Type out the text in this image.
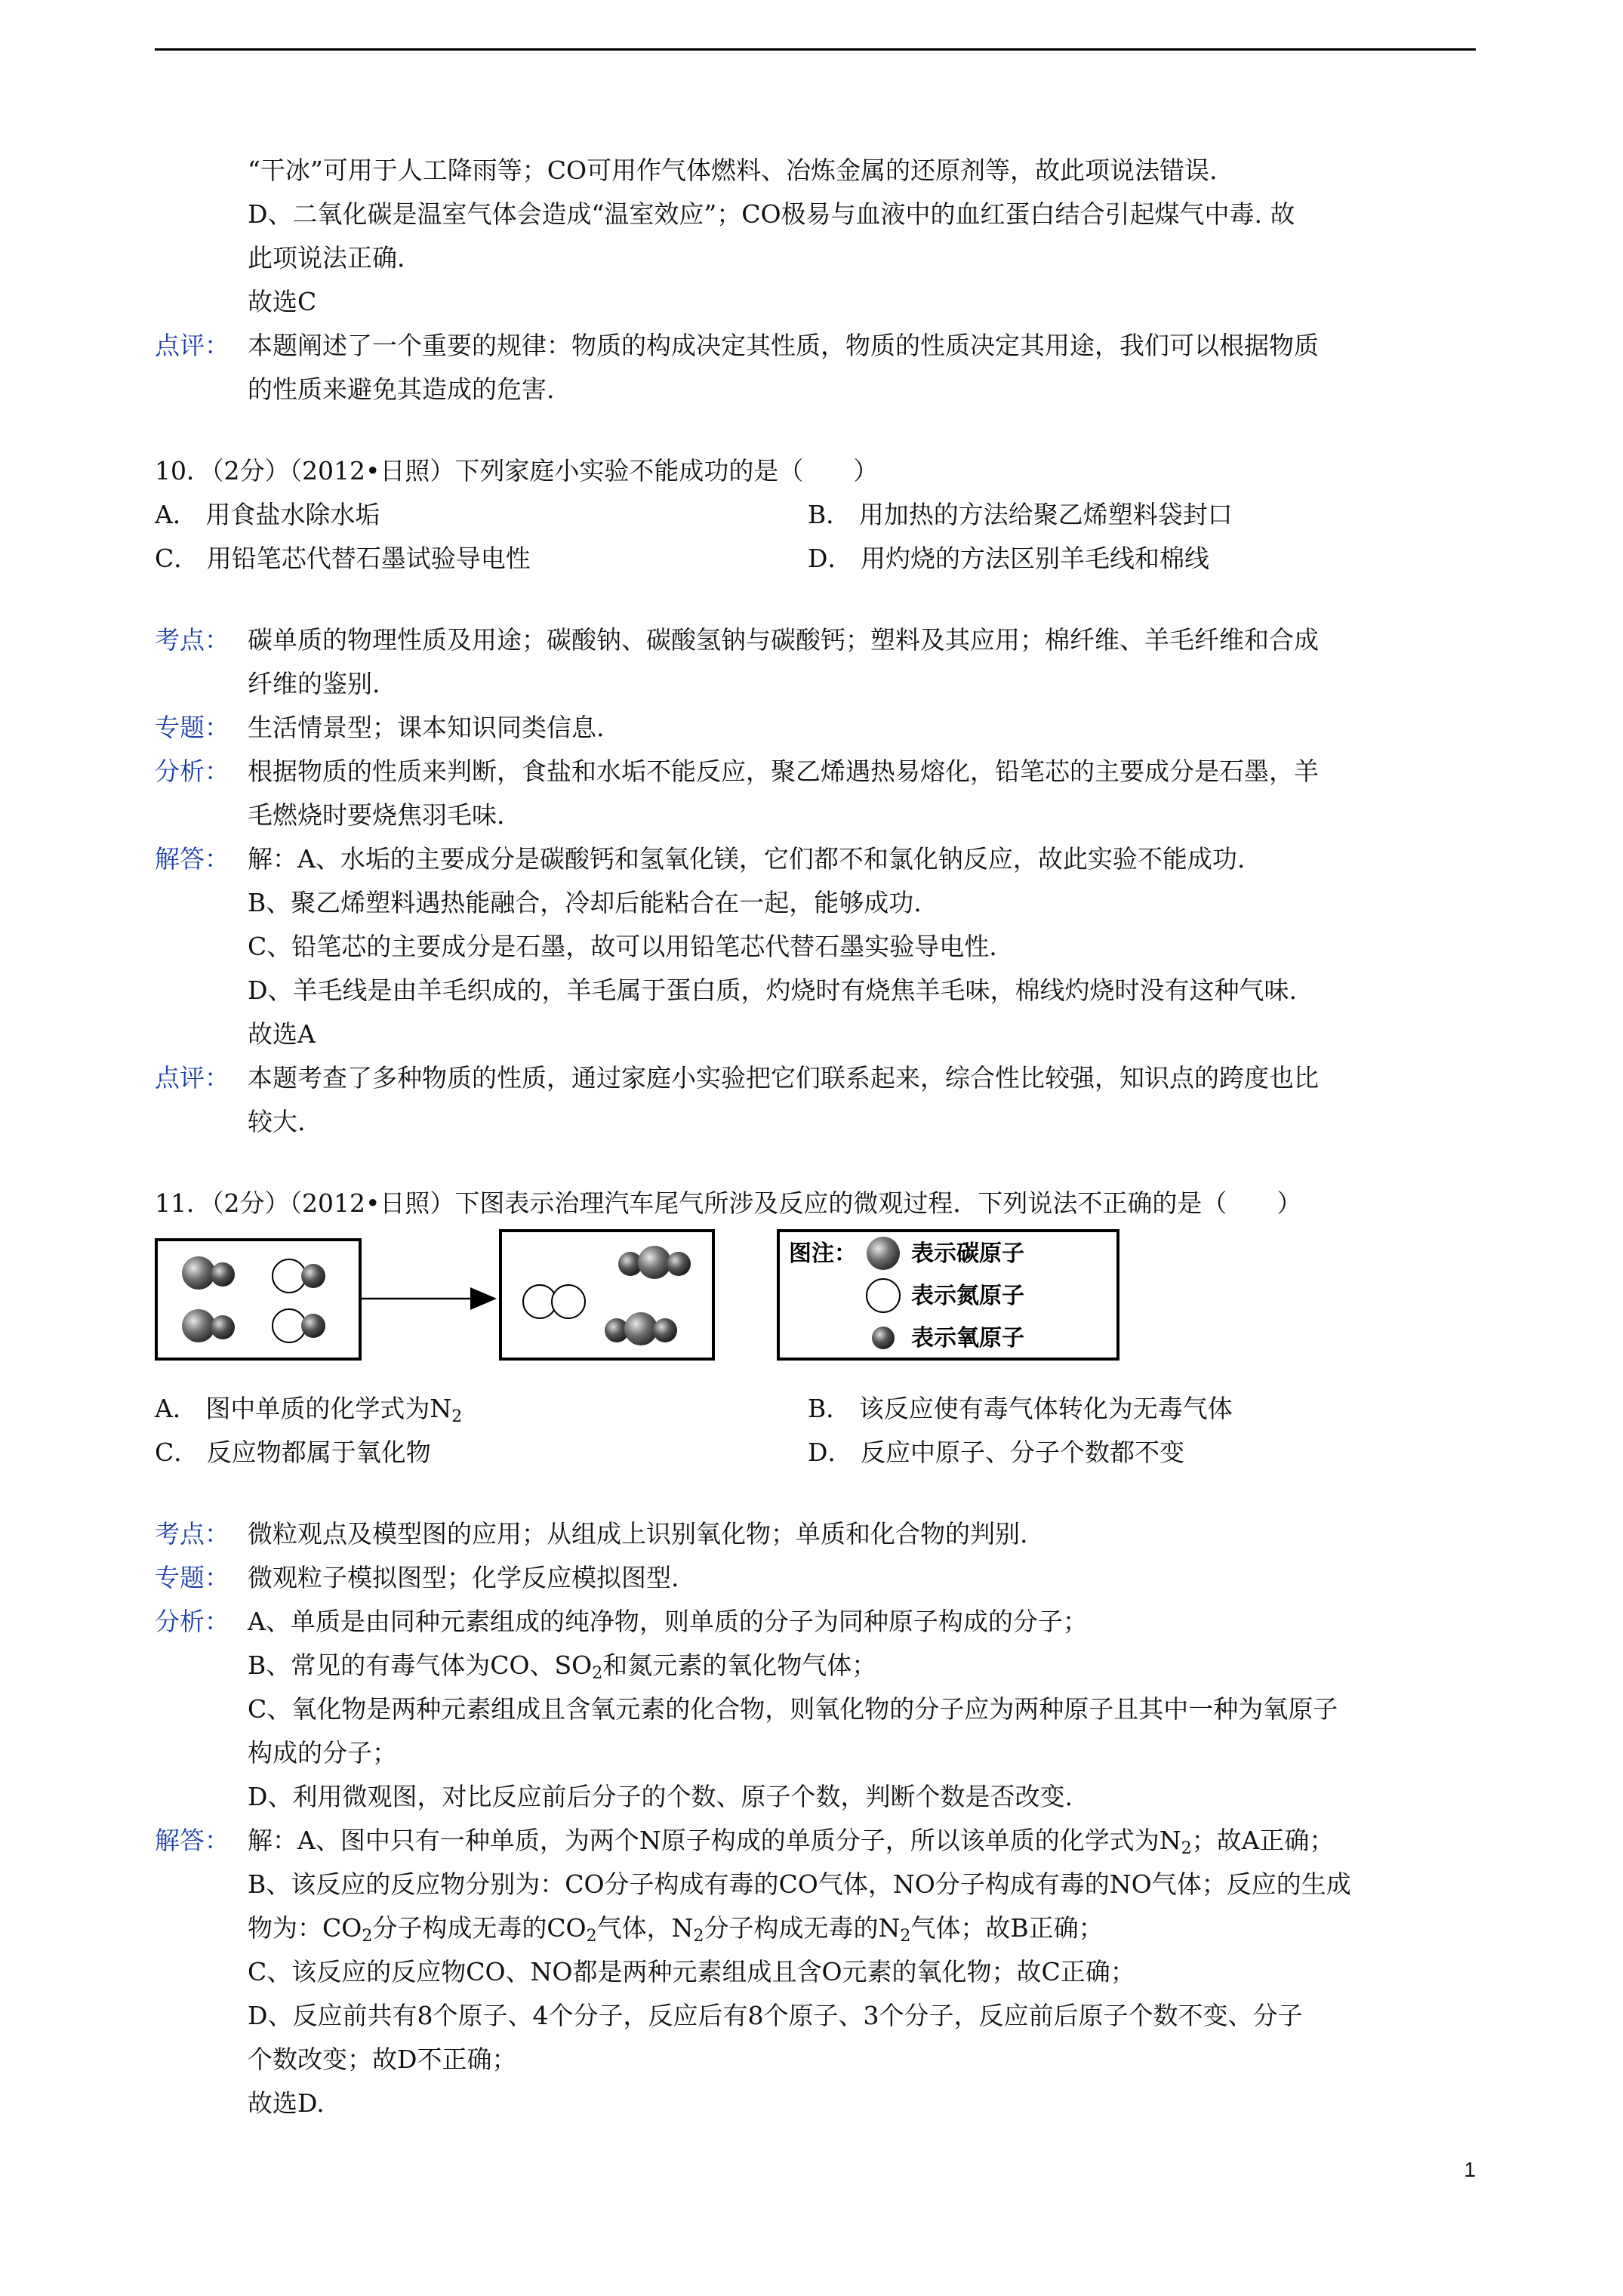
“干冰”可用于人工降雨等；CO可用作气体燃料、冶炼金属的还原剂等，故此项说法错误.
D、二氧化碳是温室气体会造成“温室效应”；CO极易与血液中的血红蛋白结合引起煤气中毒. 故
此项说法正确.
故选C
点评： 本题阐述了一个重要的规律：物质的构成决定其性质，物质的性质决定其用途，我们可以根据物质
的性质来避免其造成的危害.
10．（2分）（2012•日照）下列家庭小实验不能成功的是（　　）
A． 用食盐水除水垢	B． 用加热的方法给聚乙烯塑料袋封口
C． 用铅笔芯代替石墨试验导电性	D． 用灼烧的方法区别羊毛线和棉线
考点： 碳单质的物理性质及用途；碳酸钠、碳酸氢钠与碳酸钙；塑料及其应用；棉纤维、羊毛纤维和合成
纤维的鉴别.
专题： 生活情景型；课本知识同类信息.
分析： 根据物质的性质来判断，食盐和水垢不能反应，聚乙烯遇热易熔化，铅笔芯的主要成分是石墨，羊
毛燃烧时要烧焦羽毛味.
解答： 解：A、水垢的主要成分是碳酸钙和氢氧化镁，它们都不和氯化钠反应，故此实验不能成功.
B、聚乙烯塑料遇热能融合，冷却后能粘合在一起，能够成功.
C、铅笔芯的主要成分是石墨，故可以用铅笔芯代替石墨实验导电性.
D、羊毛线是由羊毛织成的，羊毛属于蛋白质，灼烧时有烧焦羊毛味，棉线灼烧时没有这种气味.
故选A
点评： 本题考查了多种物质的性质，通过家庭小实验把它们联系起来，综合性比较强，知识点的跨度也比
较大.
11．（2分）（2012•日照）下图表示治理汽车尾气所涉及反应的微观过程．下列说法不正确的是（　　）
图注： 表示碳原子
表示氮原子
表示氧原子
A． 图中单质的化学式为$N_2$	B． 该反应使有毒气体转化为无毒气体
C． 反应物都属于氧化物	D． 反应中原子、分子个数都不变
考点： 微粒观点及模型图的应用；从组成上识别氧化物；单质和化合物的判别.
专题： 微观粒子模拟图型；化学反应模拟图型.
分析： A、单质是由同种元素组成的纯净物，则单质的分子为同种原子构成的分子；
B、常见的有毒气体为CO、$SO_2$和氮元素的氧化物气体；
C、氧化物是两种元素组成且含氧元素的化合物，则氧化物的分子应为两种原子且其中一种为氧原子
构成的分子；
D、利用微观图，对比反应前后分子的个数、原子个数，判断个数是否改变.
解答： 解：A、图中只有一种单质，为两个N原子构成的单质分子，所以该单质的化学式为$N_2$；故A正确；
B、该反应的反应物分别为：CO分子构成有毒的CO气体，NO分子构成有毒的NO气体；反应的生成
物为：$CO_2$分子构成无毒的$CO_2$气体，$N_2$分子构成无毒的$N_2$气体；故B正确；
C、该反应的反应物CO、NO都是两种元素组成且含O元素的氧化物；故C正确；
D、反应前共有8个原子、4个分子，反应后有8个原子、3个分子，反应前后原子个数不变、分子
个数改变；故D不正确；
故选D.
1
